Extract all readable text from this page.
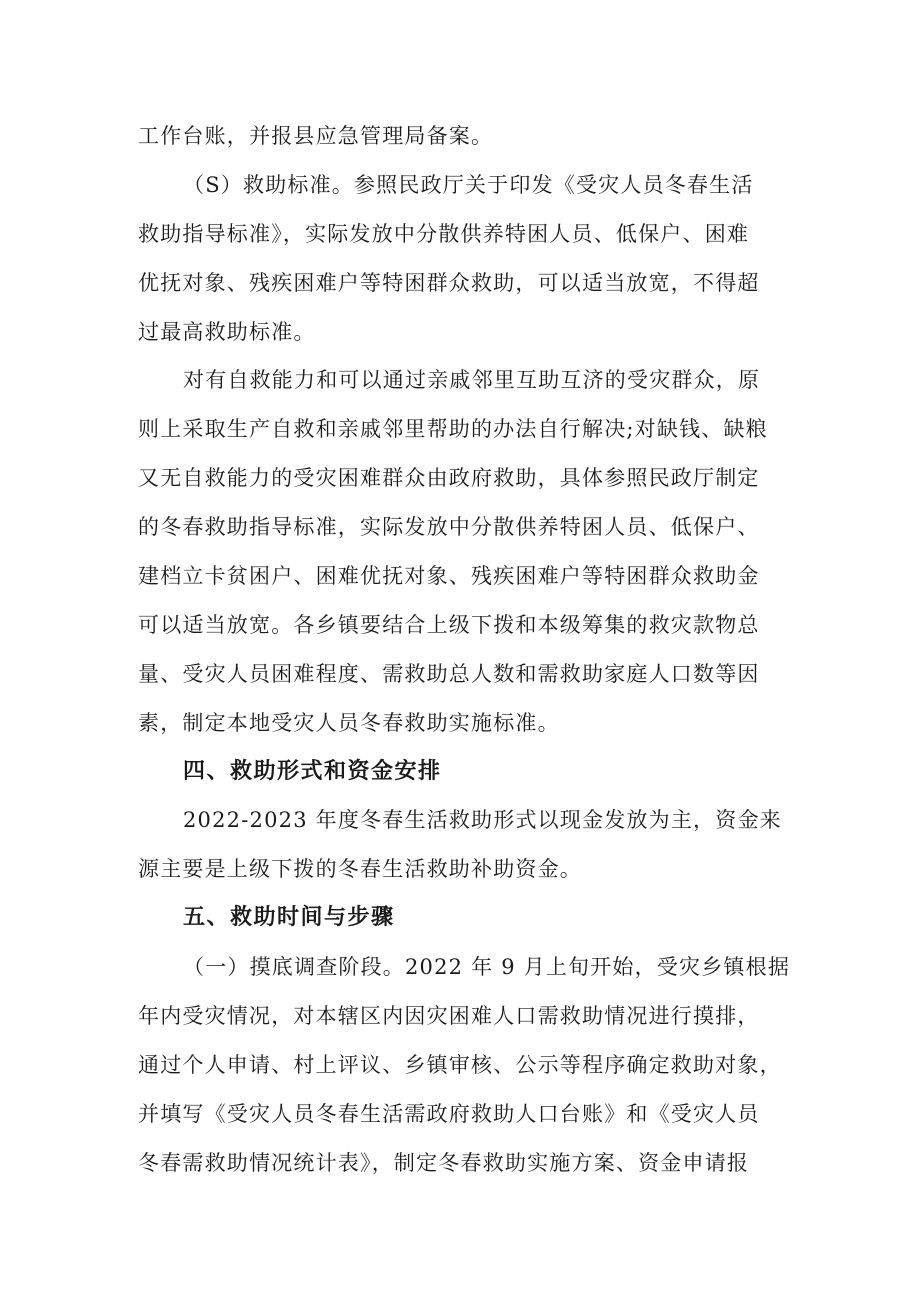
工作台账，并报县应急管理局备案。
（S）救助标准。参照民政厅关于印发《受灾人员冬春生活
救助指导标准》，实际发放中分散供养特困人员、低保户、困难
优抚对象、残疾困难户等特困群众救助，可以适当放宽，不得超
过最高救助标准。
对有自救能力和可以通过亲戚邻里互助互济的受灾群众，原
则上采取生产自救和亲戚邻里帮助的办法自行解决;对缺钱、缺粮
又无自救能力的受灾困难群众由政府救助，具体参照民政厅制定
的冬春救助指导标准，实际发放中分散供养特困人员、低保户、
建档立卡贫困户、困难优抚对象、残疾困难户等特困群众救助金
可以适当放宽。各乡镇要结合上级下拨和本级筹集的救灾款物总
量、受灾人员困难程度、需救助总人数和需救助家庭人口数等因
素，制定本地受灾人员冬春救助实施标准。
四、救助形式和资金安排
2022-2023 年度冬春生活救助形式以现金发放为主，资金来
源主要是上级下拨的冬春生活救助补助资金。
五、救助时间与步骤
（一）摸底调查阶段。2022 年 9 月上旬开始，受灾乡镇根据
年内受灾情况，对本辖区内因灾困难人口需救助情况进行摸排，
通过个人申请、村上评议、乡镇审核、公示等程序确定救助对象，
并填写《受灾人员冬春生活需政府救助人口台账》和《受灾人员
冬春需救助情况统计表》，制定冬春救助实施方案、资金申请报
